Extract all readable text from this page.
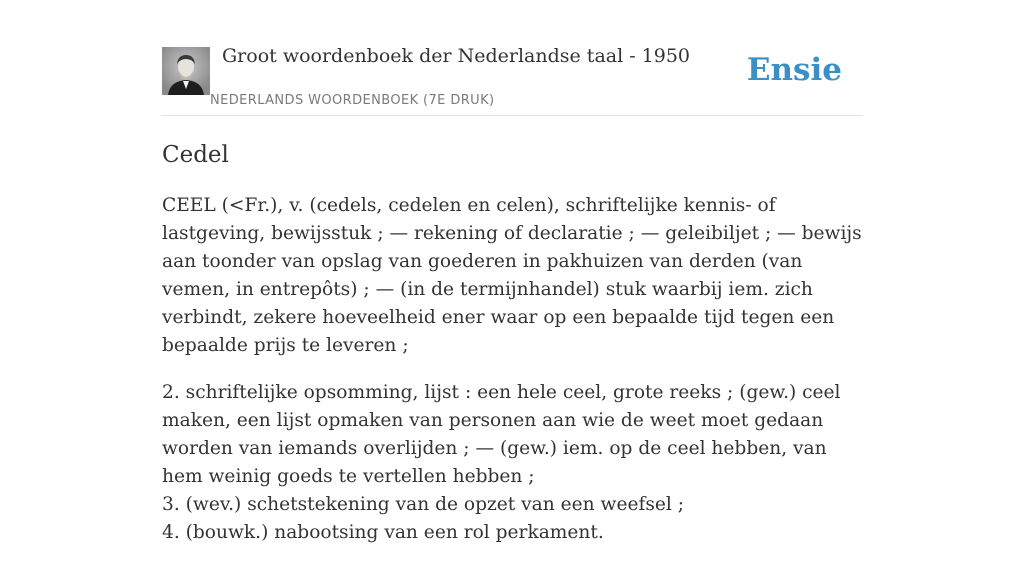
Groot woordenboek der Nederlandse taal - 1950
NEDERLANDS WOORDENBOEK (7E DRUK)
Ensie
Cedel

CEEL (<Fr.), v. (cedels, cedelen en celen), schriftelijke kennis- of lastgeving, bewijsstuk ; — rekening of declaratie ; — geleibiljet ; — bewijs aan toonder van opslag van goederen in pakhuizen van derden (van vemen, in entrepôts) ; — (in de termijnhandel) stuk waarbij iem. zich verbindt, zekere hoeveelheid ener waar op een bepaalde tijd tegen een bepaalde prijs te leveren ;

2. schriftelijke opsomming, lijst : een hele ceel, grote reeks ; (gew.) ceel maken, een lijst opmaken van personen aan wie de weet moet gedaan worden van iemands overlijden ; — (gew.) iem. op de ceel hebben, van hem weinig goeds te vertellen hebben ;
3. (wev.) schetstekening van de opzet van een weefsel ;
4. (bouwk.) nabootsing van een rol perkament.
